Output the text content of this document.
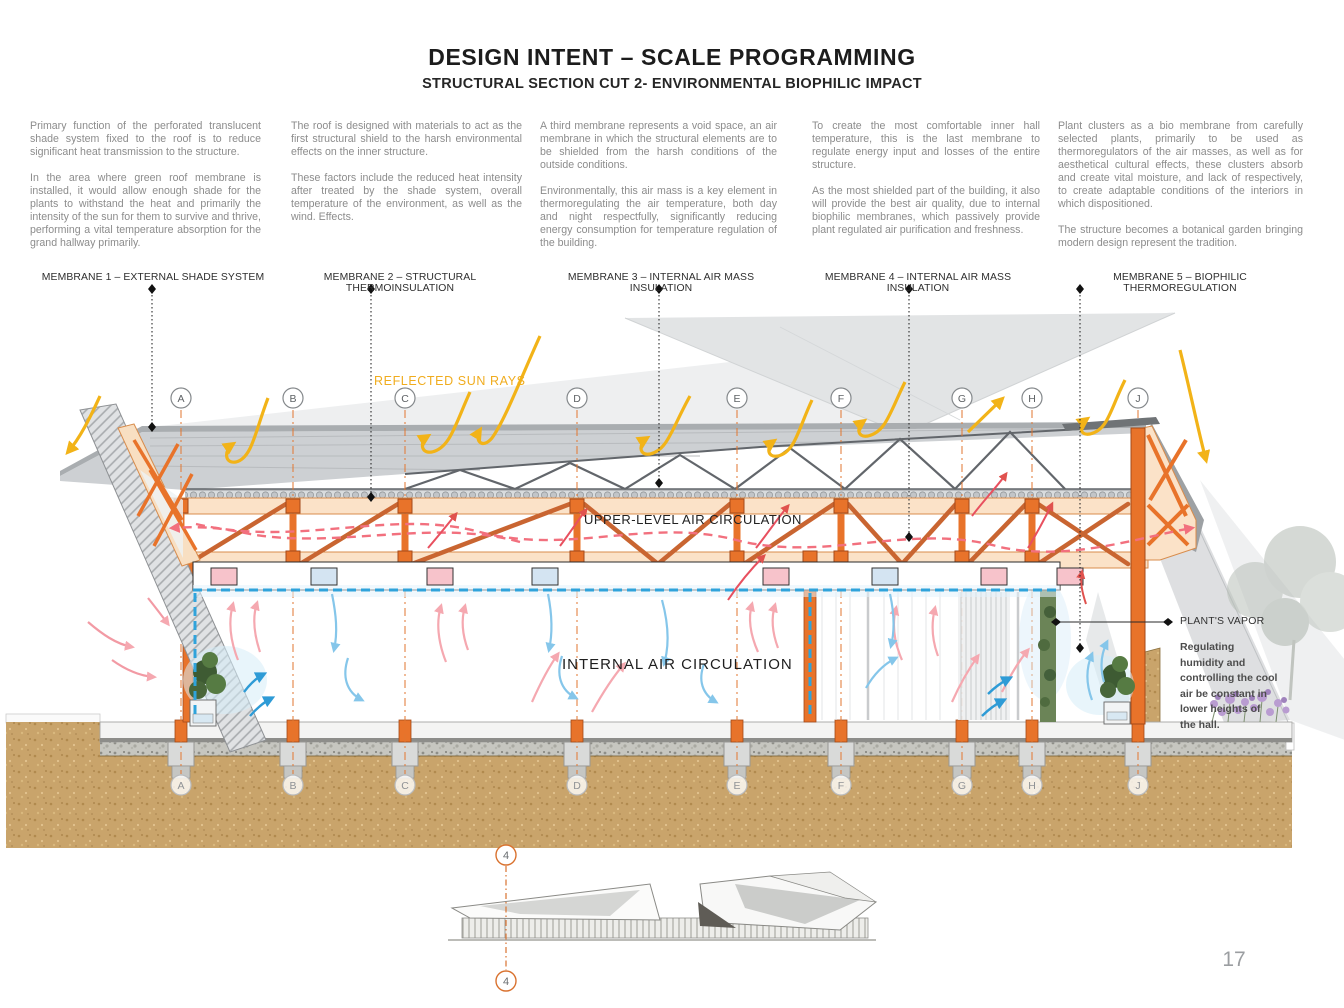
A	B	C	D	E	F	G	H	J
A	B	C	D	E	F	G	H	J
4
4
DESIGN INTENT – SCALE PROGRAMMING
STRUCTURAL SECTION CUT 2- ENVIRONMENTAL BIOPHILIC IMPACT

Primary function of the perforated translucent shade system fixed to the roof is to reduce significant heat transmission to the structure.

In the area where green roof membrane is installed, it would allow enough shade for the plants to withstand the heat and primarily the intensity of the sun for them to survive and thrive, performing a vital temperature absorption for the grand hallway primarily.

The roof is designed with materials to act as the first structural shield to the harsh environmental effects on the inner structure.

These factors include the reduced heat intensity after treated by the shade system, overall temperature of the environment, as well as the wind. Effects.

A third membrane represents a void space, an air membrane in which the structural elements are to be shielded from the harsh conditions of the outside conditions.

Environmentally, this air mass is a key element in thermoregulating the air temperature, both day and night respectfully, significantly reducing energy consumption for temperature regulation of the building.

To create the most comfortable inner hall temperature, this is the last membrane to regulate energy input and losses of the entire structure.

As the most shielded part of the building, it also will provide the best air quality, due to internal biophilic membranes, which passively provide plant regulated air purification and freshness.

Plant clusters as a bio membrane from carefully selected plants, primarily to be used as thermoregulators of the air masses, as well as for aesthetical cultural effects, these clusters absorb and create vital moisture, and lack of respectively, to create adaptable conditions of the interiors in which dispositioned.

The structure becomes a botanical garden bringing modern design represent the tradition.

MEMBRANE 1 – EXTERNAL SHADE SYSTEM	MEMBRANE 2 – STRUCTURAL THERMOINSULATION
MEMBRANE 3 – INTERNAL AIR MASS INSULATION
MEMBRANE 4 – INTERNAL AIR MASS INSULATION
MEMBRANE 5 – BIOPHILIC THERMOREGULATION
REFLECTED SUN RAYS
UPPER-LEVEL AIR CIRCULATION
INTERNAL AIR CIRCULATION
PLANT'S VAPOR
Regulating humidity and controlling the cool air be constant in lower heights of the hall.
17
